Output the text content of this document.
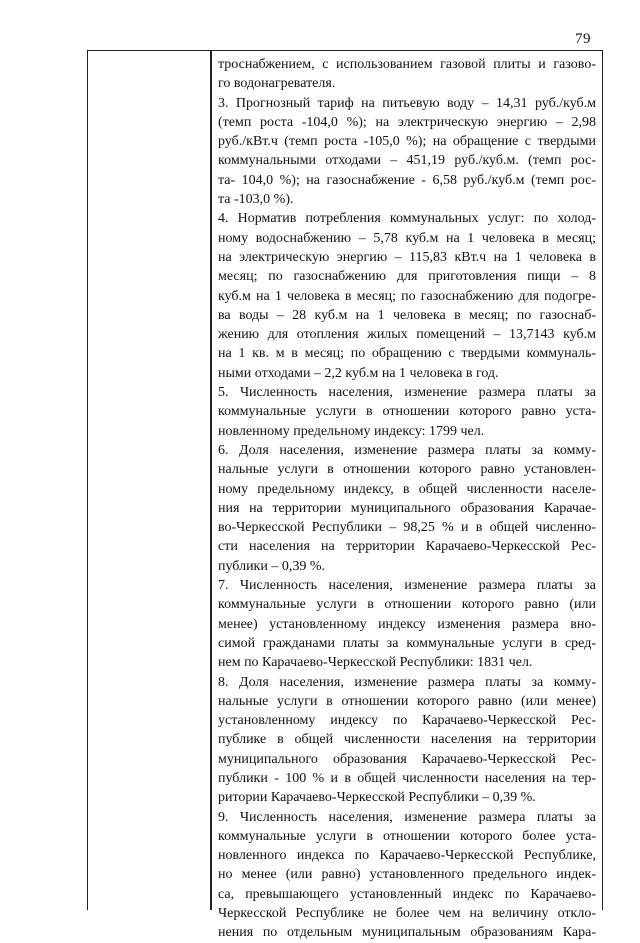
79
троснабжением, с использованием газовой плиты и газово-
го водонагревателя.
3. Прогнозный тариф на питьевую воду – 14,31 руб./куб.м
(темп роста -104,0 %); на электрическую энергию – 2,98
руб./кВт.ч (темп роста -105,0 %); на обращение с твердыми
коммунальными отходами – 451,19 руб./куб.м. (темп рос-
та- 104,0 %); на газоснабжение - 6,58 руб./куб.м (темп рос-
та -103,0 %).
4. Норматив потребления коммунальных услуг: по холод-
ному водоснабжению – 5,78 куб.м на 1 человека в месяц;
на электрическую энергию – 115,83 кВт.ч на 1 человека в
месяц; по газоснабжению для приготовления пищи – 8
куб.м на 1 человека в месяц; по газоснабжению для подогре-
ва воды – 28 куб.м на 1 человека в месяц; по газоснаб-
жению для отопления жилых помещений – 13,7143 куб.м
на 1 кв. м в месяц; по обращению с твердыми коммуналь-
ными отходами – 2,2 куб.м на 1 человека в год.
5. Численность населения, изменение размера платы за
коммунальные услуги в отношении которого равно уста-
новленному предельному индексу: 1799 чел.
6. Доля населения, изменение размера платы за комму-
нальные услуги в отношении которого равно установлен-
ному предельному индексу, в общей численности населе-
ния на территории муниципального образования Карачае-
во-Черкесской Республики – 98,25 % и в общей численно-
сти населения на территории Карачаево-Черкесской Рес-
публики – 0,39 %.
7. Численность населения, изменение размера платы за
коммунальные услуги в отношении которого равно (или
менее) установленному индексу изменения размера вно-
симой гражданами платы за коммунальные услуги в сред-
нем по Карачаево-Черкесской Республики: 1831 чел.
8. Доля населения, изменение размера платы за комму-
нальные услуги в отношении которого равно (или менее)
установленному индексу по Карачаево-Черкесской Рес-
публике в общей численности населения на территории
муниципального образования Карачаево-Черкесской Рес-
публики - 100 % и в общей численности населения на тер-
ритории Карачаево-Черкесской Республики – 0,39 %.
9. Численность населения, изменение размера платы за
коммунальные услуги в отношении которого более уста-
новленного индекса по Карачаево-Черкесской Республике,
но менее (или равно) установленного предельного индек-
са, превышающего установленный индекс по Карачаево-
Черкесской Республике не более чем на величину откло-
нения по отдельным муниципальным образованиям Кара-
